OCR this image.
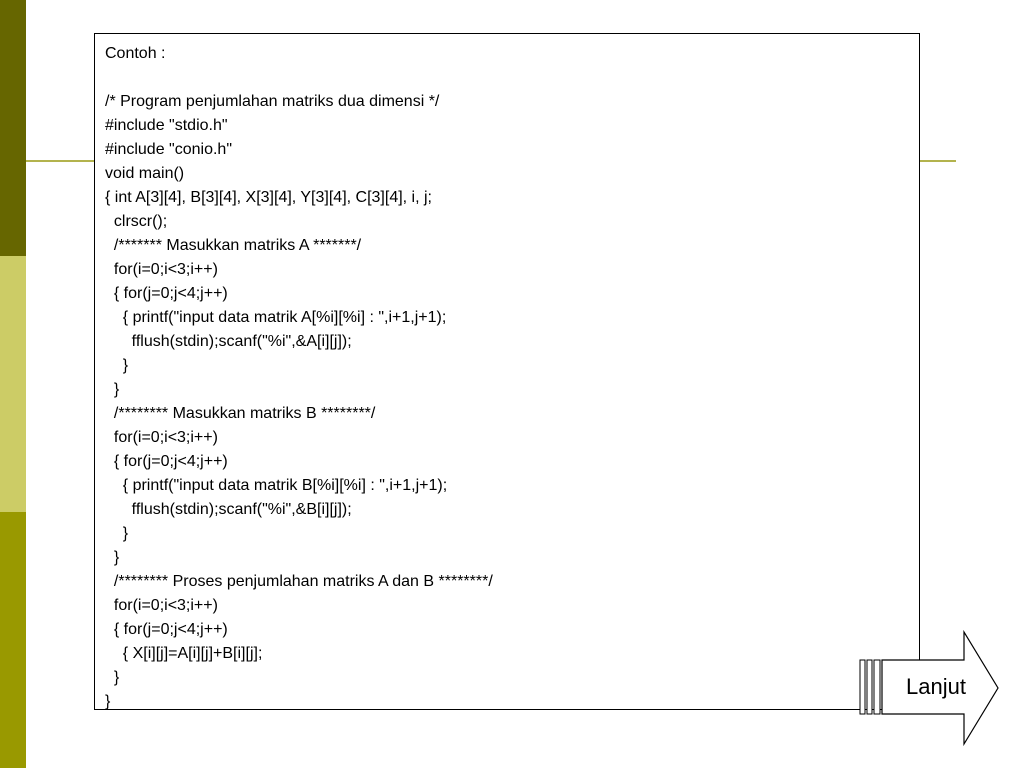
Contoh :

/* Program penjumlahan matriks dua dimensi */
#include "stdio.h"
#include "conio.h"
void main()
{ int A[3][4], B[3][4], X[3][4], Y[3][4], C[3][4], i, j;
clrscr();
/******* Masukkan matriks A *******/
for(i=0;i<3;i++)
{ for(j=0;j<4;j++)
{ printf("input data matrik A[%i][%i] : ",i+1,j+1);
fflush(stdin);scanf("%i",&A[i][j]);
}
}
/******** Masukkan matriks B ********/
for(i=0;i<3;i++)
{ for(j=0;j<4;j++)
{ printf("input data matrik B[%i][%i] : ",i+1,j+1);
fflush(stdin);scanf("%i",&B[i][j]);
}
}
/******** Proses penjumlahan matriks A dan B ********/
for(i=0;i<3;i++)
{ for(j=0;j<4;j++)
{ X[i][j]=A[i][j]+B[i][j];
}
}
Lanjut
